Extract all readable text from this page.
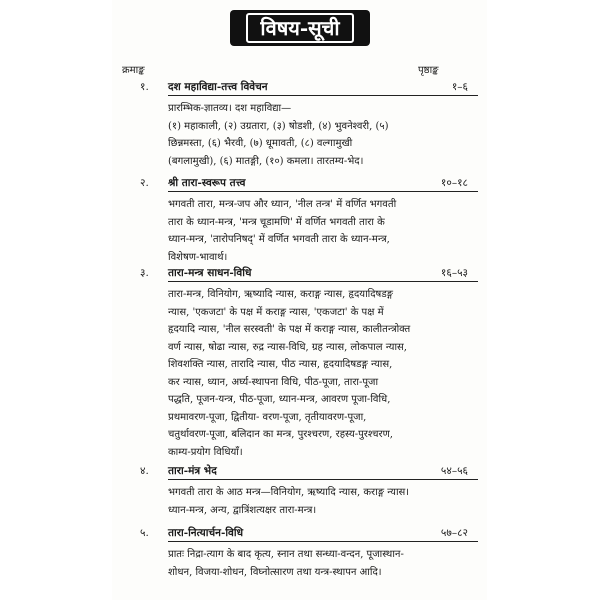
विषय-सूची
क्रमाङ्क	पृष्ठाङ्क
१. दश महाविद्या-तत्त्व विवेचन	१–६
प्रारम्भिक-ज्ञातव्य। दश महाविद्या—
(१) महाकाली, (२) उग्रतारा, (३) षोडशी, (४) भुवनेश्वरी, (५)
छिन्नमस्ता, (६) भैरवी, (७) धूमावती, (८) वल्गामुखी
(बगलामुखी), (६) मातङ्गी, (१०) कमला। तारतम्य-भेद।
२. श्री तारा-स्वरूप तत्त्व	१०–१८
भगवती तारा, मन्त्र-जप और ध्यान, 'नील तन्त्र' में वर्णित भगवती
तारा के ध्यान-मन्त्र, 'मन्त्र चूडामणि' में वर्णित भगवती तारा के
ध्यान-मन्त्र, 'तारोपनिषद्' में वर्णित भगवती तारा के ध्यान-मन्त्र,
विशेषण-भावार्थ।
३. तारा-मन्त्र साधन-विधि	१६–५३
तारा-मन्त्र, विनियोग, ऋष्यादि न्यास, कराङ्ग न्यास, हृदयादिषडङ्ग
न्यास, 'एकजटा' के पक्ष में कराङ्ग न्यास, 'एकजटा' के पक्ष में
हृदयादि न्यास, 'नील सरस्वती' के पक्ष में कराङ्ग न्यास, कालीतन्त्रोक्त
वर्ण न्यास, षोढा न्यास, रुद्र न्यास-विधि, ग्रह न्यास, लोकपाल न्यास,
शिवशक्ति न्यास, तारादि न्यास, पीठ न्यास, हृदयादिषडङ्ग न्यास,
कर न्यास, ध्यान, अर्घ्य-स्थापना विधि, पीठ-पूजा, तारा-पूजा
पद्धति, पूजन-यन्त्र, पीठ-पूजा, ध्यान-मन्त्र, आवरण पूजा-विधि,
प्रथमावरण-पूजा, द्वितीया- वरण-पूजा, तृतीयावरण-पूजा,
चतुर्थावरण-पूजा, बलिदान का मन्त्र, पुरश्चरण, रहस्य-पुरश्चरण,
काम्य-प्रयोग विधियाँ।
४. तारा-मंत्र भेद	५४–५६
भगवती तारा के आठ मन्त्र—विनियोग, ऋष्यादि न्यास, कराङ्ग न्यास।
ध्यान-मन्त्र, अन्य, द्वात्रिंशत्यक्षर तारा-मन्त्र।
५. तारा-नित्यार्चन-विधि	५७–८२
प्रातः निद्रा-त्याग के बाद कृत्य, स्नान तथा सन्ध्या-वन्दन, पूजास्थान-
शोधन, विजया-शोधन, विघ्नोत्सारण तथा यन्त्र-स्थापन आदि।
